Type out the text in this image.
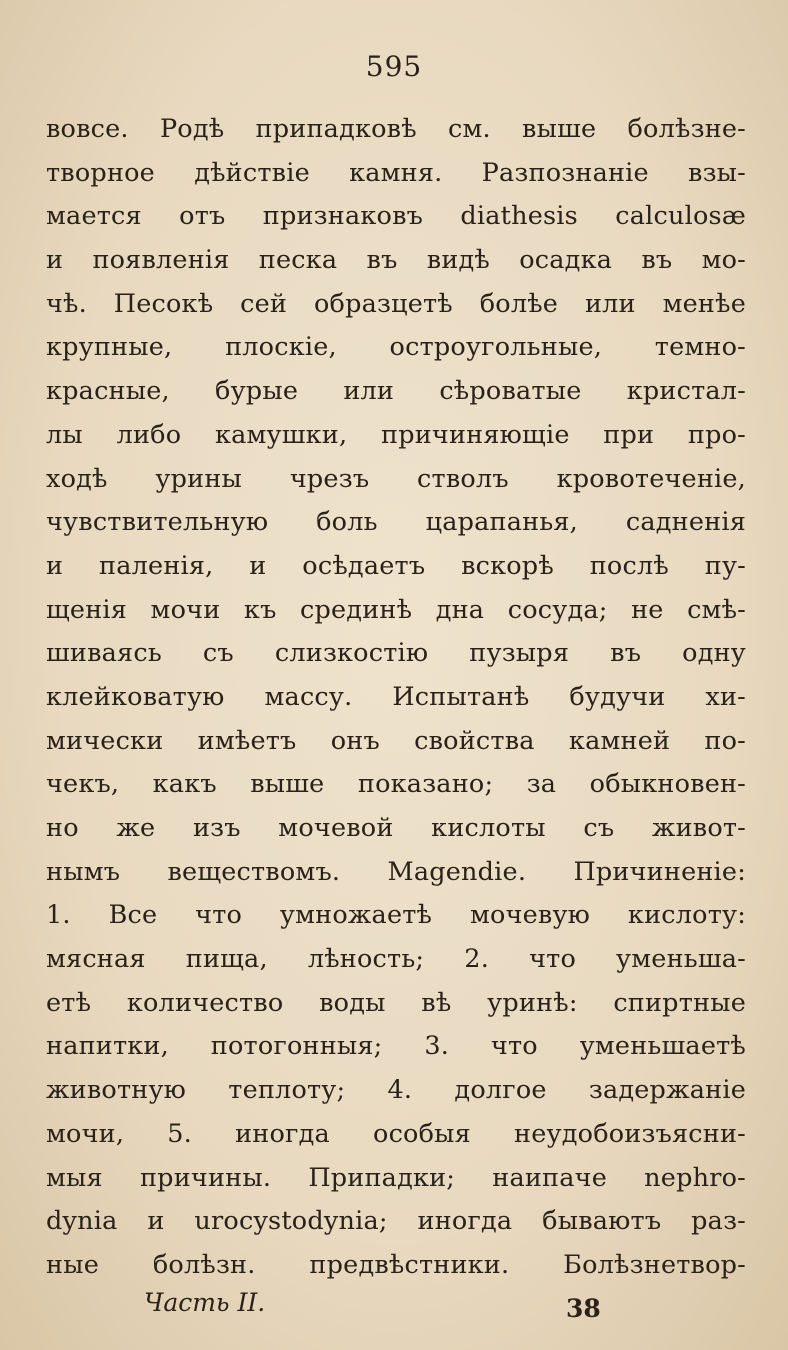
595
вовсе. Родѣ припадковѣ см. выше болѣзне-
творное дѣйствіе камня. Разпознаніе взы-
мается отъ признаковъ diathesis calculosæ
и появленія песка въ видѣ осадка въ мо-
чѣ. Песокѣ сей образцетѣ болѣе или менѣе
крупные, плоскіе, остроугольные, темно-
красные, бурые или сѣроватые кристал-
лы либо камушки, причиняющіе при про-
ходѣ урины чрезъ стволъ кровотеченіе,
чувствительную боль царапанья, садненія
и паленія, и осѣдаетъ вскорѣ послѣ пу-
щенія мочи къ срединѣ дна сосуда; не смѣ-
шиваясь съ слизкостію пузыря въ одну
клейковатую массу. Испытанѣ будучи хи-
мически имѣетъ онъ свойства камней по-
чекъ, какъ выше показано; за обыкновен-
но же изъ мочевой кислоты съ живот-
нымъ веществомъ. Magendie. Причиненіе:
1. Все что умножаетѣ мочевую кислоту:
мясная пища, лѣность; 2. что уменьша-
етѣ количество воды вѣ уринѣ: спиртные
напитки, потогонныя; 3. что уменьшаетѣ
животную теплоту; 4. долгое задержаніе
мочи, 5. иногда особыя неудобоизъясни-
мыя причины. Припадки; наипаче nephro-
dynia и urocystodynia; иногда бываютъ раз-
ные болѣзн. предвѣстники. Болѣзнетвор-
Часть II.	38
